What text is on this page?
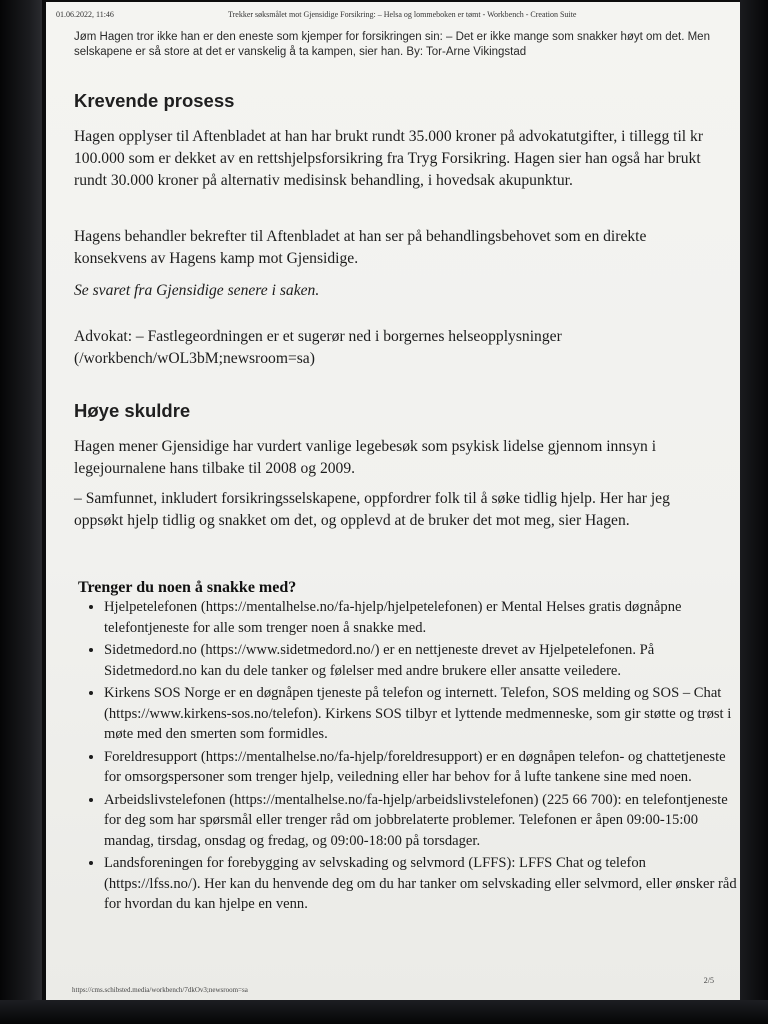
01.06.2022, 11:46	Trekker søksmålet mot Gjensidige Forsikring: – Helsa og lommeboken er tømt - Workbench - Creation Suite
Jøm Hagen tror ikke han er den eneste som kjemper for forsikringen sin: – Det er ikke mange som snakker høyt om det. Men selskapene er så store at det er vanskelig å ta kampen, sier han. By: Tor-Arne Vikingstad
Krevende prosess

Hagen opplyser til Aftenbladet at han har brukt rundt 35.000 kroner på advokatutgifter, i tillegg til kr 100.000 som er dekket av en rettshjelpsforsikring fra Tryg Forsikring. Hagen sier han også har brukt rundt 30.000 kroner på alternativ medisinsk behandling, i hovedsak akupunktur.

Hagens behandler bekrefter til Aftenbladet at han ser på behandlingsbehovet som en direkte konsekvens av Hagens kamp mot Gjensidige.

Se svaret fra Gjensidige senere i saken.

Advokat: – Fastlegeordningen er et sugerør ned i borgernes helseopplysninger (/workbench/wOL3bM;newsroom=sa)

Høye skuldre

Hagen mener Gjensidige har vurdert vanlige legebesøk som psykisk lidelse gjennom innsyn i legejournalene hans tilbake til 2008 og 2009.

– Samfunnet, inkludert forsikringsselskapene, oppfordrer folk til å søke tidlig hjelp. Her har jeg oppsøkt hjelp tidlig og snakket om det, og opplevd at de bruker det mot meg, sier Hagen.

Trenger du noen å snakke med?
• Hjelpetelefonen (https://mentalhelse.no/fa-hjelp/hjelpetelefonen) er Mental Helses gratis døgnåpne telefontjeneste for alle som trenger noen å snakke med.
• Sidetmedord.no (https://www.sidetmedord.no/) er en nettjeneste drevet av Hjelpetelefonen. På Sidetmedord.no kan du dele tanker og følelser med andre brukere eller ansatte veiledere.
• Kirkens SOS Norge er en døgnåpen tjeneste på telefon og internett. Telefon, SOS melding og SOS – Chat (https://www.kirkens-sos.no/telefon). Kirkens SOS tilbyr et lyttende medmenneske, som gir støtte og trøst i møte med den smerten som formidles.
• Foreldresupport (https://mentalhelse.no/fa-hjelp/foreldresupport) er en døgnåpen telefon- og chattetjeneste for omsorgspersoner som trenger hjelp, veiledning eller har behov for å lufte tankene sine med noen.
• Arbeidslivstelefonen (https://mentalhelse.no/fa-hjelp/arbeidslivstelefonen) (225 66 700): en telefontjeneste for deg som har spørsmål eller trenger råd om jobbrelaterte problemer. Telefonen er åpen 09:00-15:00 mandag, tirsdag, onsdag og fredag, og 09:00-18:00 på torsdager.
• Landsforeningen for forebygging av selvskading og selvmord (LFFS): LFFS Chat og telefon (https://lfss.no/). Her kan du henvende deg om du har tanker om selvskading eller selvmord, eller ønsker råd for hvordan du kan hjelpe en venn.
2/5
https://cms.schibsted.media/workbench/7dkOv3;newsroom=sa
